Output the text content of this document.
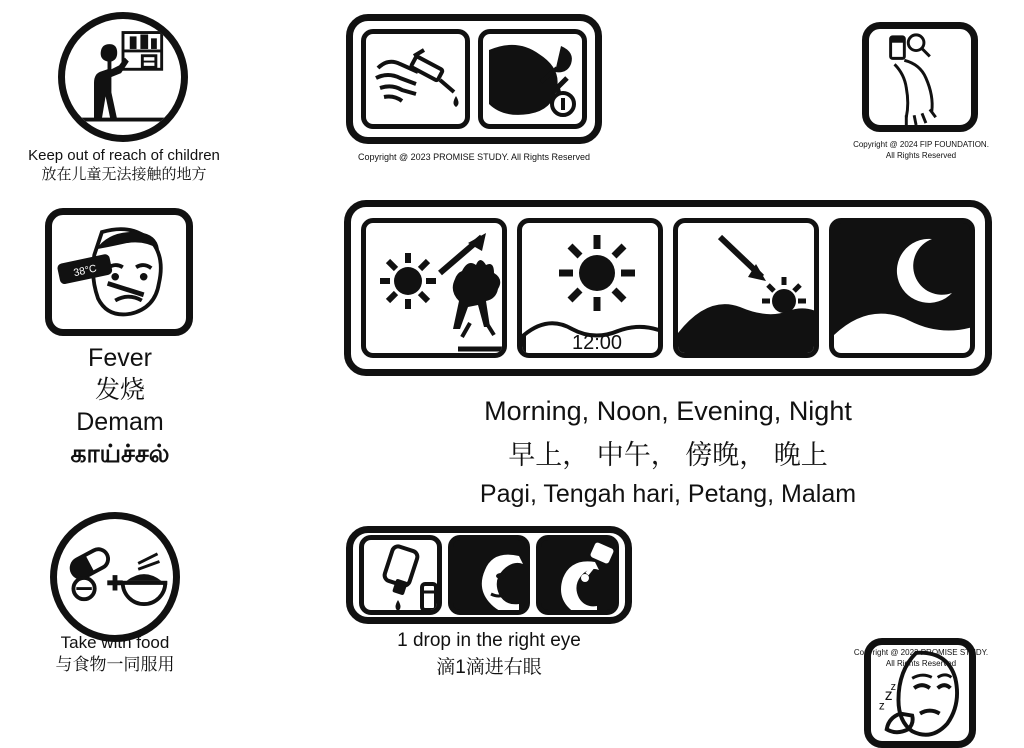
Keep out of reach of children
放在儿童无法接触的地方
38°C
Fever
发烧
Demam
காய்ச்சல்
Take with food
与食物一同服用
Copyright @ 2023 PROMISE STUDY. All Rights Reserved
Copyright @ 2024 FIP FOUNDATION.
All Rights Reserved
12:00
Morning, Noon, Evening, Night
早上， 中午， 傍晚， 晚上
Pagi, Tengah hari, Petang, Malam
1 drop in the right eye
滴1滴进右眼
z
z
z
Copyright @ 2023 PROMISE STUDY.
All Rights Reserved
